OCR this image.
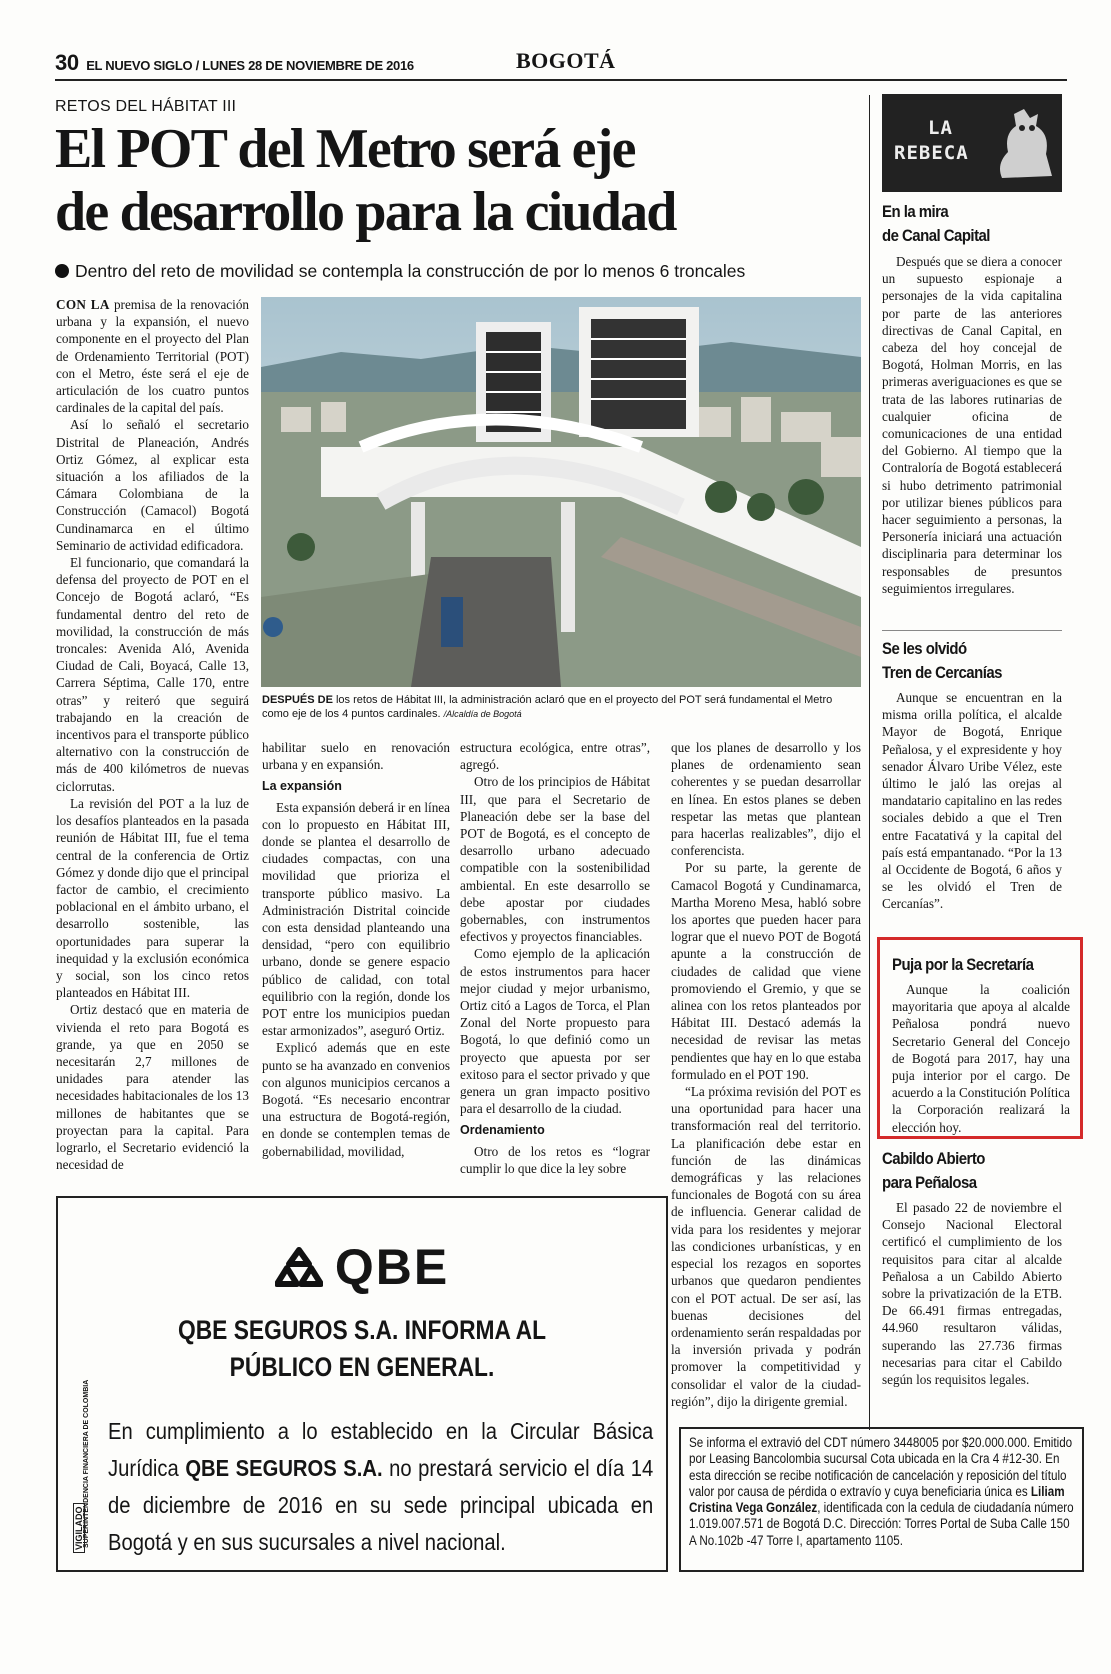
30 EL NUEVO SIGLO / LUNES 28 DE NOVIEMBRE DE 2016	BOGOTÁ
RETOS DEL HÁBITAT III
El POT del Metro será eje
de desarrollo para la ciudad
Dentro del reto de movilidad se contempla la construcción de por lo menos 6 troncales

CON LA premisa de la renovación urbana y la expansión, el nuevo componente en el proyecto del Plan de Ordenamiento Territorial (POT) con el Metro, éste será el eje de articulación de los cuatro puntos cardinales de la capital del país.

Así lo señaló el secretario Distrital de Planeación, Andrés Ortiz Gómez, al explicar esta situación a los afiliados de la Cámara Colombiana de la Construcción (Camacol) Bogotá Cundinamarca en el último Seminario de actividad edificadora.

El funcionario, que comandará la defensa del proyecto de POT en el Concejo de Bogotá aclaró, “Es fundamental dentro del reto de movilidad, la construcción de más troncales: Avenida Aló, Avenida Ciudad de Cali, Boyacá, Calle 13, Carrera Séptima, Calle 170, entre otras” y reiteró que seguirá trabajando en la creación de incentivos para el transporte público alternativo con la construcción de más de 400 kilómetros de nuevas ciclorrutas.

La revisión del POT a la luz de los desafíos planteados en la pasada reunión de Hábitat III, fue el tema central de la conferencia de Ortiz Gómez y donde dijo que el principal factor de cambio, el crecimiento poblacional en el ámbito urbano, el desarrollo sostenible, las oportunidades para superar la inequidad y la exclusión económica y social, son los cinco retos planteados en Hábitat III.

Ortiz destacó que en materia de vivienda el reto para Bogotá es grande, ya que en 2050 se necesitarán 2,7 millones de unidades para atender las necesidades habitacionales de los 13 millones de habitantes que se proyectan para la capital. Para lograrlo, el Secretario evidenció la necesidad de

DESPUÉS DE los retos de Hábitat III, la administración aclaró que en el proyecto del POT será fundamental el Metro como eje de los 4 puntos cardinales. /Alcaldía de Bogotá

habilitar suelo en renovación urbana y en expansión.

La expansión

Esta expansión deberá ir en línea con lo propuesto en Hábitat III, donde se plantea el desarrollo de ciudades compactas, con una movilidad que prioriza el transporte público masivo. La Administración Distrital coincide con esta densidad planteando una densidad, “pero con equilibrio urbano, donde se genere espacio público de calidad, con total equilibrio con la región, donde los POT entre los municipios puedan estar armonizados”, aseguró Ortiz.

Explicó además que en este punto se ha avanzado en convenios con algunos municipios cercanos a Bogotá. “Es necesario encontrar una estructura de Bogotá-región, en donde se contemplen temas de gobernabilidad, movilidad,

estructura ecológica, entre otras”, agregó.

Otro de los principios de Hábitat III, que para el Secretario de Planeación debe ser la base del POT de Bogotá, es el concepto de desarrollo urbano adecuado compatible con la sostenibilidad ambiental. En este desarrollo se debe apostar por ciudades gobernables, con instrumentos efectivos y proyectos financiables.

Como ejemplo de la aplicación de estos instrumentos para hacer mejor ciudad y mejor urbanismo, Ortiz citó a Lagos de Torca, el Plan Zonal del Norte propuesto para Bogotá, lo que definió como un proyecto que apuesta por ser exitoso para el sector privado y que genera un gran impacto positivo para el desarrollo de la ciudad.

Ordenamiento

Otro de los retos es “lograr cumplir lo que dice la ley sobre

que los planes de desarrollo y los planes de ordenamiento sean coherentes y se puedan desarrollar en línea. En estos planes se deben respetar las metas que plantean para hacerlas realizables”, dijo el conferencista.

Por su parte, la gerente de Camacol Bogotá y Cundinamarca, Martha Moreno Mesa, habló sobre los aportes que pueden hacer para lograr que el nuevo POT de Bogotá apunte a la construcción de ciudades de calidad que viene promoviendo el Gremio, y que se alinea con los retos planteados por Hábitat III. Destacó además la necesidad de revisar las metas pendientes que hay en lo que estaba formulado en el POT 190.

“La próxima revisión del POT es una oportunidad para hacer una transformación real del territorio. La planificación debe estar en función de las dinámicas demográficas y las relaciones funcionales de Bogotá con su área de influencia. Generar calidad de vida para los residentes y mejorar las condiciones urbanísticas, y en especial los rezagos en soportes urbanos que quedaron pendientes con el POT actual. De ser así, las buenas decisiones del ordenamiento serán respaldadas por la inversión privada y podrán promover la competitividad y consolidar el valor de la ciudad-región”, dijo la dirigente gremial.

LA
REBECA
En la mira
de Canal Capital

Después que se diera a conocer un supuesto espionaje a personajes de la vida capitalina por parte de las anteriores directivas de Canal Capital, en cabeza del hoy concejal de Bogotá, Holman Morris, en las primeras averiguaciones es que se trata de las labores rutinarias de cualquier oficina de comunicaciones de una entidad del Gobierno. Al tiempo que la Contraloría de Bogotá establecerá si hubo detrimento patrimonial por utilizar bienes públicos para hacer seguimiento a personas, la Personería iniciará una actuación disciplinaria para determinar los responsables de presuntos seguimientos irregulares.

Se les olvidó
Tren de Cercanías

Aunque se encuentran en la misma orilla política, el alcalde Mayor de Bogotá, Enrique Peñalosa, y el expresidente y hoy senador Álvaro Uribe Vélez, este último le jaló las orejas al mandatario capitalino en las redes sociales debido a que el Tren entre Facatativá y la capital del país está empantanado. “Por la 13 al Occidente de Bogotá, 6 años y se les olvidó el Tren de Cercanías”.

Puja por la Secretaría

Aunque la coalición mayoritaria que apoya al alcalde Peñalosa pondrá nuevo Secretario General del Concejo de Bogotá para 2017, hay una puja interior por el cargo. De acuerdo a la Constitución Política la Corporación realizará la elección hoy.

Cabildo Abierto
para Peñalosa

El pasado 22 de noviembre el Consejo Nacional Electoral certificó el cumplimiento de los requisitos para citar al alcalde Peñalosa a un Cabildo Abierto sobre la privatización de la ETB. De 66.491 firmas entregadas, 44.960 resultaron válidas, superando las 27.736 firmas necesarias para citar el Cabildo según los requisitos legales.

QBE
QBE SEGUROS S.A. INFORMA AL
PÚBLICO EN GENERAL.
En cumplimiento a lo establecido en la Circular Básica Jurídica QBE SEGUROS S.A. no prestará servicio el día 14 de diciembre de 2016 en su sede principal ubicada en Bogotá y en sus sucursales a nivel nacional.
SUPERINTENDENCIA FINANCIERA DE COLOMBIA
VIGILADO
Se informa el extravió del CDT número 3448005 por $20.000.000. Emitido por Leasing Bancolombia sucursal Cota ubicada en la Cra 4 #12-30. En esta dirección se recibe notificación de cancelación y reposición del título valor por causa de pérdida o extravío y cuya beneficiaria única es Liliam Cristina Vega González, identificada con la cedula de ciudadanía número 1.019.007.571 de Bogotá D.C. Dirección: Torres Portal de Suba Calle 150 A No.102b -47 Torre I, apartamento 1105.
